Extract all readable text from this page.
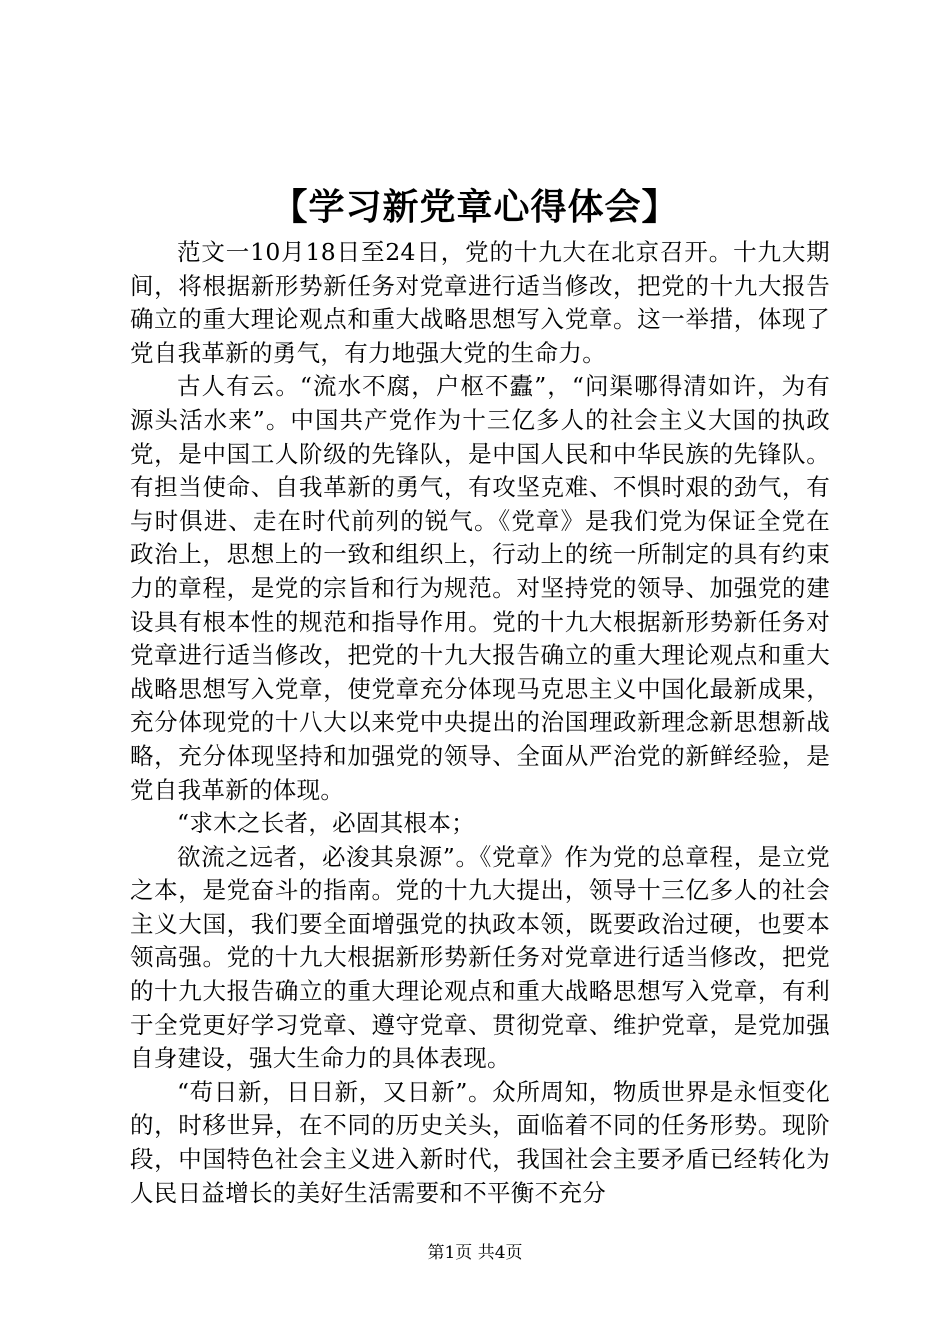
【学习新党章心得体会】

范文一10月18日至24日，党的十九大在北京召开。十九大期间，将根据新形势新任务对党章进行适当修改，把党的十九大报告确立的重大理论观点和重大战略思想写入党章。这一举措，体现了党自我革新的勇气，有力地强大党的生命力。

古人有云。“流水不腐，户枢不蠹”，“问渠哪得清如许，为有源头活水来”。中国共产党作为十三亿多人的社会主义大国的执政党，是中国工人阶级的先锋队，是中国人民和中华民族的先锋队。有担当使命、自我革新的勇气，有攻坚克难、不惧时艰的劲气，有与时俱进、走在时代前列的锐气。《党章》是我们党为保证全党在政治上，思想上的一致和组织上，行动上的统一所制定的具有约束力的章程，是党的宗旨和行为规范。对坚持党的领导、加强党的建设具有根本性的规范和指导作用。党的十九大根据新形势新任务对党章进行适当修改，把党的十九大报告确立的重大理论观点和重大战略思想写入党章，使党章充分体现马克思主义中国化最新成果，充分体现党的十八大以来党中央提出的治国理政新理念新思想新战略，充分体现坚持和加强党的领导、全面从严治党的新鲜经验，是党自我革新的体现。

“求木之长者，必固其根本；

欲流之远者，必浚其泉源”。《党章》作为党的总章程，是立党之本，是党奋斗的指南。党的十九大提出，领导十三亿多人的社会主义大国，我们要全面增强党的执政本领，既要政治过硬，也要本领高强。党的十九大根据新形势新任务对党章进行适当修改，把党的十九大报告确立的重大理论观点和重大战略思想写入党章，有利于全党更好学习党章、遵守党章、贯彻党章、维护党章，是党加强自身建设，强大生命力的具体表现。

“苟日新，日日新，又日新”。众所周知，物质世界是永恒变化的，时移世异，在不同的历史关头，面临着不同的任务形势。现阶段，中国特色社会主义进入新时代，我国社会主要矛盾已经转化为人民日益增长的美好生活需要和不平衡不充分

第1页 共4页
